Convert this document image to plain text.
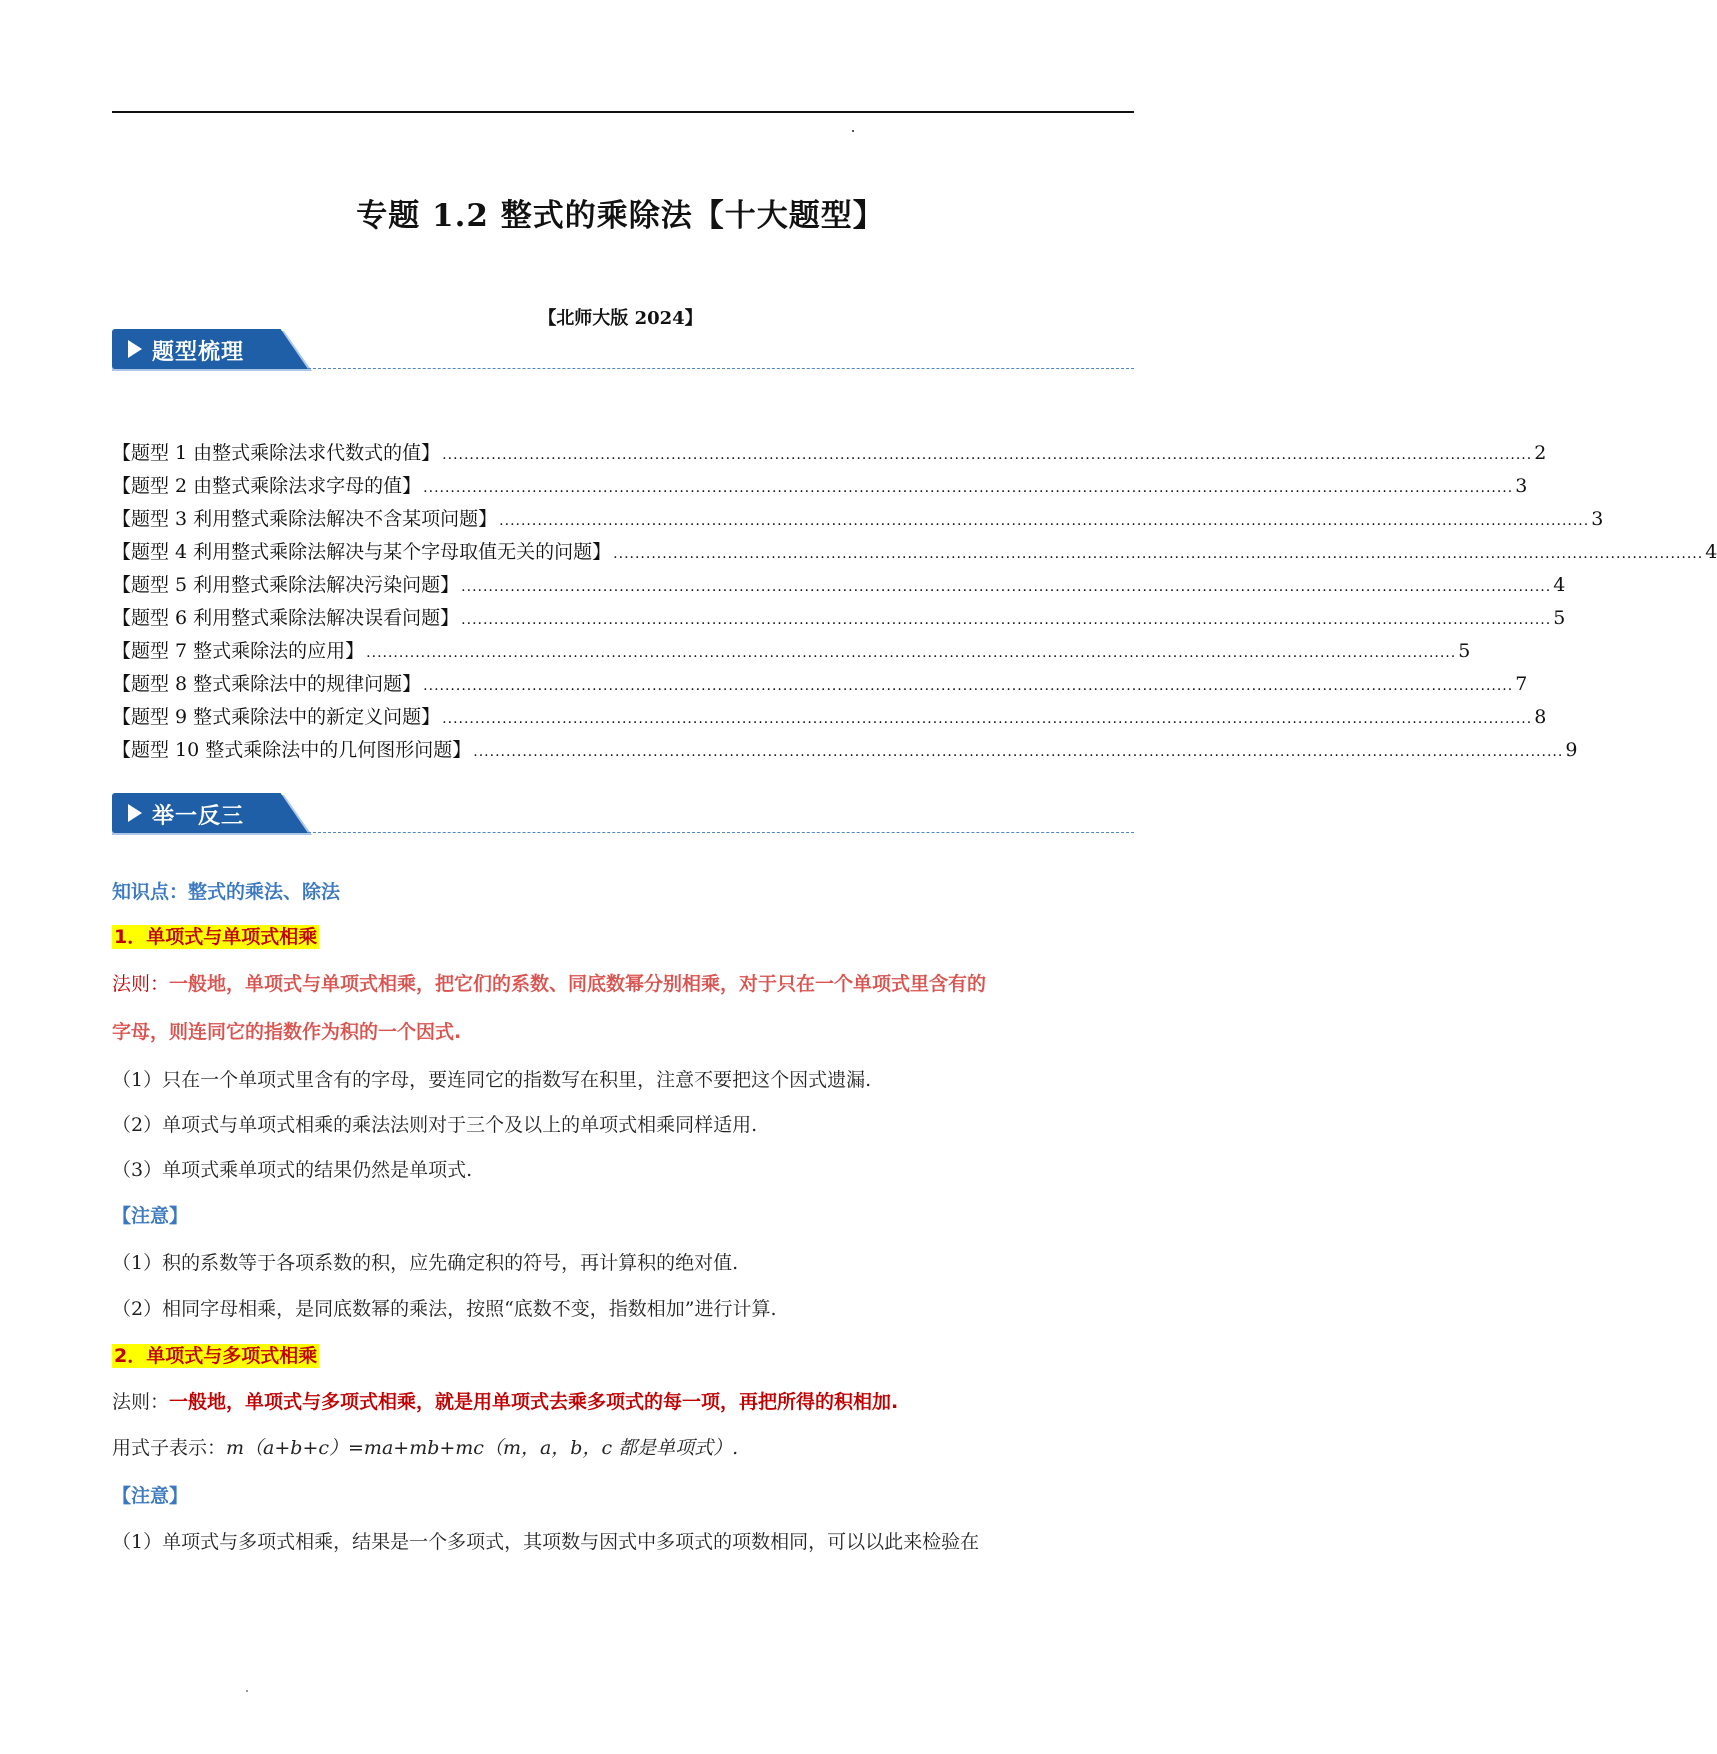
专题 1.2 整式的乘除法【十大题型】
【北师大版 2024】
题型梳理
【题型 1 由整式乘除法求代数式的值】 ........................................................................................................................................................................................................ 2
【题型 2 由整式乘除法求字母的值】 ........................................................................................................................................................................................................ 3
【题型 3 利用整式乘除法解决不含某项问题】 ........................................................................................................................................................................................................ 3
【题型 4 利用整式乘除法解决与某个字母取值无关的问题】 ........................................................................................................................................................................................................ 4
【题型 5 利用整式乘除法解决污染问题】 ........................................................................................................................................................................................................ 4
【题型 6 利用整式乘除法解决误看问题】 ........................................................................................................................................................................................................ 5
【题型 7 整式乘除法的应用】 ........................................................................................................................................................................................................ 5
【题型 8 整式乘除法中的规律问题】 ........................................................................................................................................................................................................ 7
【题型 9 整式乘除法中的新定义问题】 ........................................................................................................................................................................................................ 8
【题型 10 整式乘除法中的几何图形问题】 ........................................................................................................................................................................................................ 9
举一反三
知识点：整式的乘法、除法
1．单项式与单项式相乘
法则：一般地，单项式与单项式相乘，把它们的系数、同底数幂分别相乘，对于只在一个单项式里含有的
字母，则连同它的指数作为积的一个因式.
（1）只在一个单项式里含有的字母，要连同它的指数写在积里，注意不要把这个因式遗漏.
（2）单项式与单项式相乘的乘法法则对于三个及以上的单项式相乘同样适用.
（3）单项式乘单项式的结果仍然是单项式.
【注意】
（1）积的系数等于各项系数的积，应先确定积的符号，再计算积的绝对值.
（2）相同字母相乘，是同底数幂的乘法，按照“底数不变，指数相加”进行计算.
2．单项式与多项式相乘
法则：一般地，单项式与多项式相乘，就是用单项式去乘多项式的每一项，再把所得的积相加.
用式子表示：m（a+b+c）=ma+mb+mc（m，a，b，c 都是单项式）.
【注意】
（1）单项式与多项式相乘，结果是一个多项式，其项数与因式中多项式的项数相同，可以以此来检验在
